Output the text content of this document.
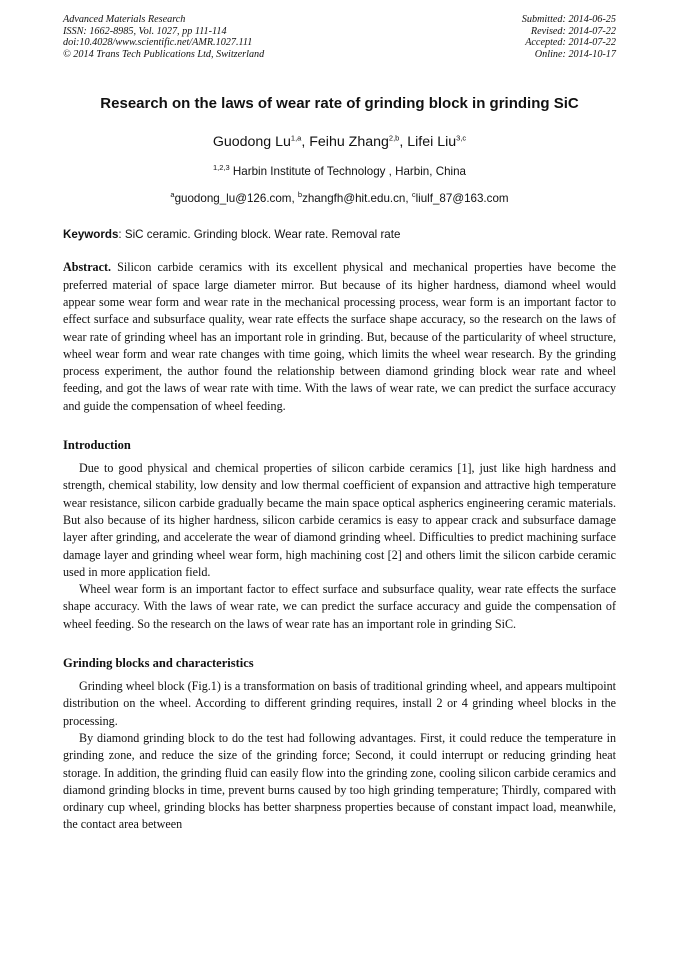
Advanced Materials Research
ISSN: 1662-8985, Vol. 1027, pp 111-114
doi:10.4028/www.scientific.net/AMR.1027.111
© 2014 Trans Tech Publications Ltd, Switzerland
Submitted: 2014-06-25
Revised: 2014-07-22
Accepted: 2014-07-22
Online: 2014-10-17
Research on the laws of wear rate of grinding block in grinding SiC
Guodong Lu$^{1,a}$, Feihu Zhang$^{2,b}$, Lifei Liu$^{3,c}$
$^{1,2,3}$ Harbin Institute of Technology , Harbin, China
$^a$guodong_lu@126.com, $^b$zhangfh@hit.edu.cn, $^c$liulf_87@163.com
Keywords: SiC ceramic. Grinding block. Wear rate. Removal rate

Abstract. Silicon carbide ceramics with its excellent physical and mechanical properties have become the preferred material of space large diameter mirror. But because of its higher hardness, diamond wheel would appear some wear form and wear rate in the mechanical processing process, wear form is an important factor to effect surface and subsurface quality, wear rate effects the surface shape accuracy, so the research on the laws of wear rate of grinding wheel has an important role in grinding. But, because of the particularity of wheel structure, wheel wear form and wear rate changes with time going, which limits the wheel wear research. By the grinding process experiment, the author found the relationship between diamond grinding block wear rate and wheel feeding, and got the laws of wear rate with time. With the laws of wear rate, we can predict the surface accuracy and guide the compensation of wheel feeding.

Introduction

Due to good physical and chemical properties of silicon carbide ceramics [1], just like high hardness and strength, chemical stability, low density and low thermal coefficient of expansion and attractive high temperature wear resistance, silicon carbide gradually became the main space optical aspherics engineering ceramic materials. But also because of its higher hardness, silicon carbide ceramics is easy to appear crack and subsurface damage layer after grinding, and accelerate the wear of diamond grinding wheel. Difficulties to predict machining surface damage layer and grinding wheel wear form, high machining cost [2] and others limit the silicon carbide ceramic used in more application field.

Wheel wear form is an important factor to effect surface and subsurface quality, wear rate effects the surface shape accuracy. With the laws of wear rate, we can predict the surface accuracy and guide the compensation of wheel feeding. So the research on the laws of wear rate has an important role in grinding SiC.

Grinding blocks and characteristics

Grinding wheel block (Fig.1) is a transformation on basis of traditional grinding wheel, and appears multipoint distribution on the wheel. According to different grinding requires, install 2 or 4 grinding wheel blocks in the processing.

By diamond grinding block to do the test had following advantages. First, it could reduce the temperature in grinding zone, and reduce the size of the grinding force; Second, it could interrupt or reducing grinding heat storage. In addition, the grinding fluid can easily flow into the grinding zone, cooling silicon carbide ceramics and diamond grinding blocks in time, prevent burns caused by too high grinding temperature; Thirdly, compared with ordinary cup wheel, grinding blocks has better sharpness properties because of constant impact load, meanwhile, the contact area between
